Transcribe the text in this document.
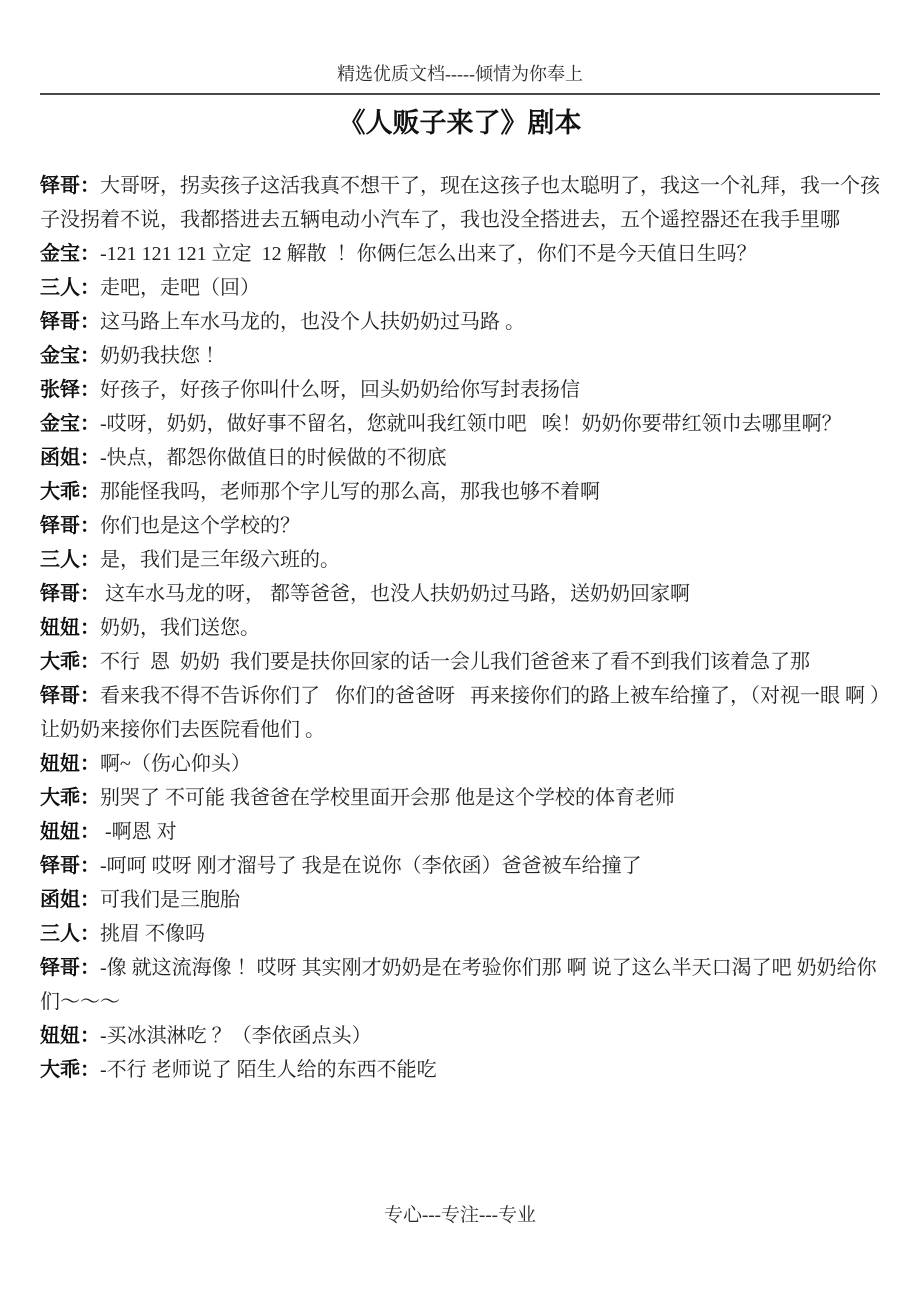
精选优质文档-----倾情为你奉上
《人贩子来了》剧本

铎哥：大哥呀，拐卖孩子这活我真不想干了，现在这孩子也太聪明了，我这一个礼拜，我一个孩子没拐着不说，我都搭进去五辆电动小汽车了，我也没全搭进去，五个遥控器还在我手里哪

金宝：-121 121 121 立定  12 解散  ！你俩仨怎么出来了，你们不是今天值日生吗？

三人：走吧，走吧（回）

铎哥：这马路上车水马龙的，也没个人扶奶奶过马路 。

金宝：奶奶我扶您 ！

张铎：好孩子，好孩子你叫什么呀，回头奶奶给你写封表扬信

金宝：-哎呀，奶奶，做好事不留名，您就叫我红领巾吧   唉！奶奶你要带红领巾去哪里啊？

函姐：-快点，都怨你做值日的时候做的不彻底

大乖：那能怪我吗，老师那个字儿写的那么高，那我也够不着啊

铎哥：你们也是这个学校的？

三人：是，我们是三年级六班的。

铎哥： 这车水马龙的呀， 都等爸爸，也没人扶奶奶过马路，送奶奶回家啊

妞妞：奶奶，我们送您。

大乖：不行  恩  奶奶  我们要是扶你回家的话一会儿我们爸爸来了看不到我们该着急了那

铎哥：看来我不得不告诉你们了   你们的爸爸呀   再来接你们的路上被车给撞了，（对视一眼 啊 ）让奶奶来接你们去医院看他们 。

妞妞：啊~（伤心仰头）

大乖：别哭了 不可能 我爸爸在学校里面开会那 他是这个学校的体育老师

妞妞： -啊恩 对

铎哥：-呵呵 哎呀 刚才溜号了 我是在说你（李依函）爸爸被车给撞了

函姐：可我们是三胞胎

三人：挑眉 不像吗

铎哥：-像 就这流海像 ！哎呀 其实刚才奶奶是在考验你们那 啊 说了这么半天口渴了吧 奶奶给你们～～～

妞妞：-买冰淇淋吃 ？（李依函点头）

大乖：-不行 老师说了 陌生人给的东西不能吃

专心---专注---专业
